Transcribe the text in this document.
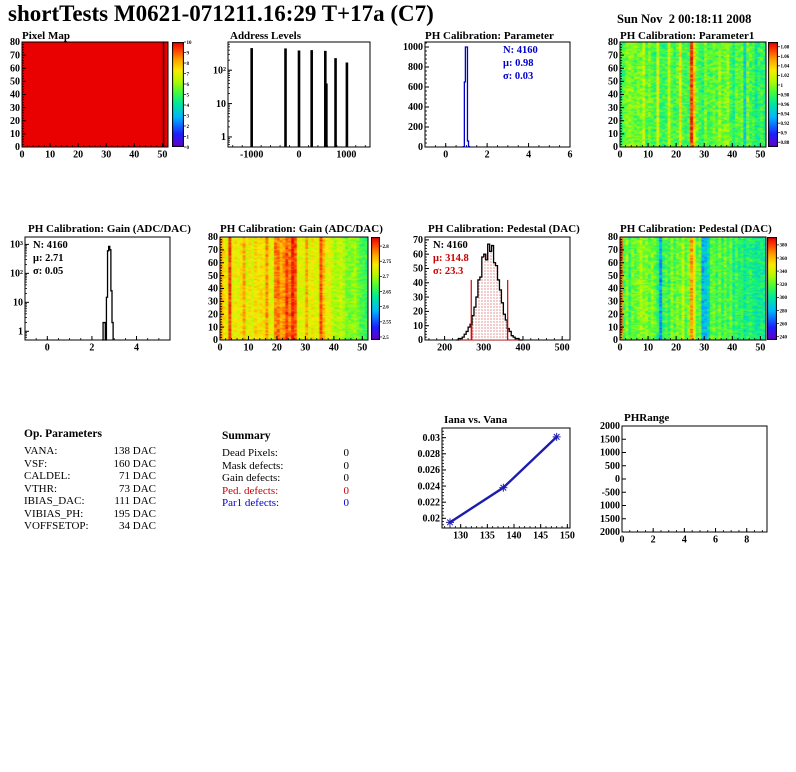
shortTests M0621-071211.16:29 T+17a (C7)	Sun Nov  2 00:18:11 2008
Pixel Map
0 10 20 30 40 50
0
10
20
30
40
50
60
70
80	10
9
8
7
6
5
4
3
2
1
0
Address Levels
-1000	0	1000
1
10
10²
PH Calibration: Parameter
0	2	4	6
0
200
400
600
800
1000	N: 4160
μ: 0.98
σ: 0.03
PH Calibration: Parameter1
0 10 20 30 40 50
0
10
20
30
40
50
60
70
80	1.08
1.06
1.04
1.02
1
0.98
0.96
0.94
0.92
0.9
0.88
PH Calibration: Gain (ADC/DAC)
0	2	4
1
10
10²
10³ N: 4160
μ: 2.71
σ: 0.05
PH Calibration: Gain (ADC/DAC)
0 10 20 30 40 50
0
10
20
30
40
50
60
70
80
2.8
2.75
2.7
2.65
2.6
2.55
2.5
PH Calibration: Pedestal (DAC)
200 300 400 500
0
10
20
30
40
50
60
70 N: 4160
μ: 314.8
σ: 23.3
PH Calibration: Pedestal (DAC)
0 10 20 30 40 50
0
10
20
30
40
50
60
70
80
380
360
340
320
300
280
260
240
Op. Parameters
VANA:	138 DAC
VSF:	160 DAC
CALDEL:	71 DAC
VTHR:	73 DAC
IBIAS_DAC:	111 DAC
VIBIAS_PH:	195 DAC
VOFFSETOP:	34 DAC
Summary
Dead Pixels:	0
Mask defects:	0
Gain defects:	0
Ped. defects:	0
Par1 defects:	0
Iana vs. Vana
130 135 140 145 150
0.02
0.022
0.024
0.026
0.028
0.03
PHRange
0	2	4	6	8
2000
1500
1000
500
0
-500
1000
1500
2000
